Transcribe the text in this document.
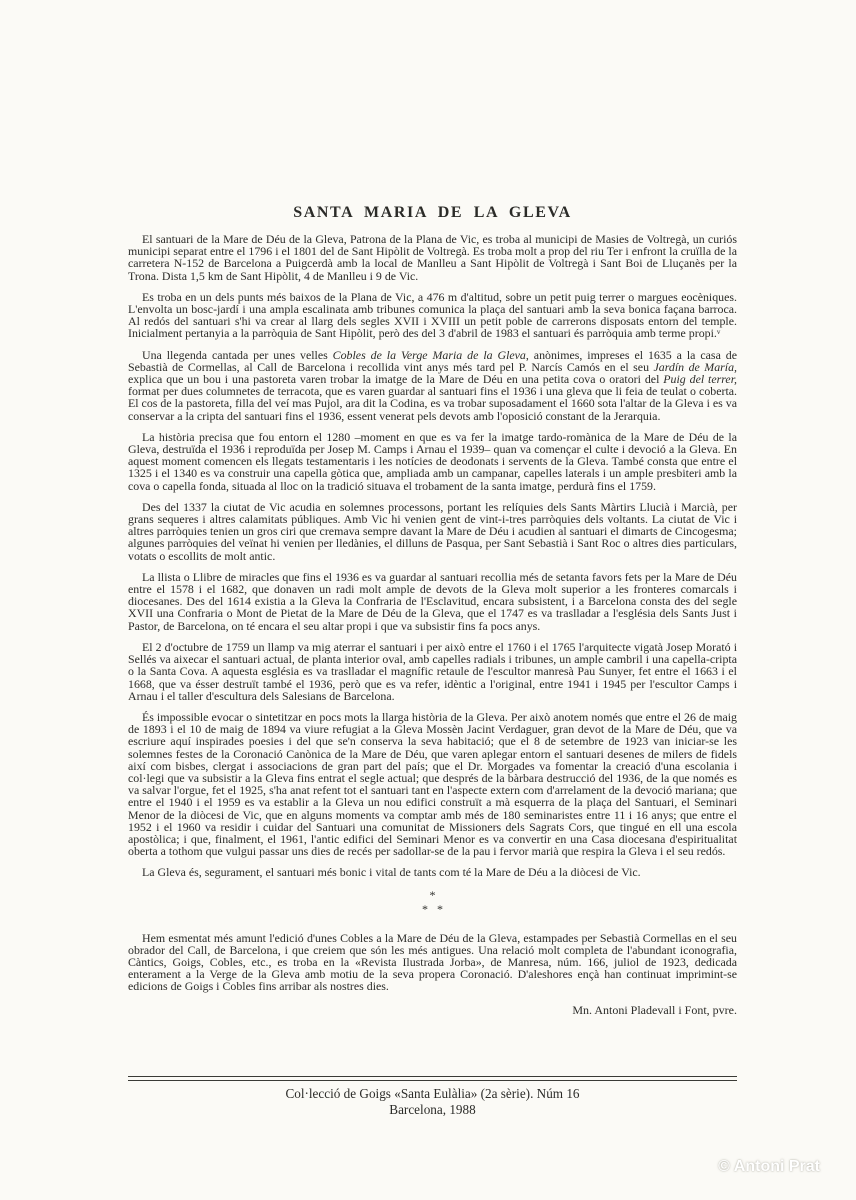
SANTA MARIA DE LA GLEVA

El santuari de la Mare de Déu de la Gleva, Patrona de la Plana de Vic, es troba al municipi de Masies de Voltregà, un curiós municipi separat entre el 1796 i el 1801 del de Sant Hipòlit de Voltregà. Es troba molt a prop del riu Ter i enfront la cruïlla de la carretera N-152 de Barcelona a Puigcerdà amb la local de Manlleu a Sant Hipòlit de Voltregà i Sant Boi de Lluçanès per la Trona. Dista 1,5 km de Sant Hipòlit, 4 de Manlleu i 9 de Vic.

Es troba en un dels punts més baixos de la Plana de Vic, a 476 m d'altitud, sobre un petit puig terrer o margues eocèniques. L'envolta un bosc-jardí i una ampla escalinata amb tribunes comunica la plaça del santuari amb la seva bonica façana barroca. Al redós del santuari s'hi va crear al llarg dels segles XVII i XVIII un petit poble de carrerons disposats entorn del temple. Inicialment pertanyia a la parròquia de Sant Hipòlit, però des del 3 d'abril de 1983 el santuari és parròquia amb terme propi.ᵛ

Una llegenda cantada per unes velles Cobles de la Verge Maria de la Gleva, anònimes, impreses el 1635 a la casa de Sebastià de Cormellas, al Call de Barcelona i recollida vint anys més tard pel P. Narcís Camós en el seu Jardín de María, explica que un bou i una pastoreta varen trobar la imatge de la Mare de Déu en una petita cova o oratori del Puig del terrer, format per dues columnetes de terracota, que es varen guardar al santuari fins el 1936 i una gleva que li feia de teulat o coberta. El cos de la pastoreta, filla del veí mas Pujol, ara dit la Codina, es va trobar suposadament el 1660 sota l'altar de la Gleva i es va conservar a la cripta del santuari fins el 1936, essent venerat pels devots amb l'oposició constant de la Jerarquia.

La història precisa que fou entorn el 1280 –moment en que es va fer la imatge tardo-romànica de la Mare de Déu de la Gleva, destruïda el 1936 i reproduïda per Josep M. Camps i Arnau el 1939– quan va començar el culte i devoció a la Gleva. En aquest moment comencen els llegats testamentaris i les notícies de deodonats i servents de la Gleva. També consta que entre el 1325 i el 1340 es va construir una capella gòtica que, ampliada amb un campanar, capelles laterals i un ample presbiteri amb la cova o capella fonda, situada al lloc on la tradició situava el trobament de la santa imatge, perdurà fins el 1759.

Des del 1337 la ciutat de Vic acudia en solemnes processons, portant les relíquies dels Sants Màrtirs Llucià i Marcià, per grans sequeres i altres calamitats públiques. Amb Vic hi venien gent de vint-i-tres parròquies dels voltants. La ciutat de Vic i altres parròquies tenien un gros ciri que cremava sempre davant la Mare de Déu i acudien al santuari el dimarts de Cincogesma; algunes parròquies del veïnat hi venien per lledànies, el dilluns de Pasqua, per Sant Sebastià i Sant Roc o altres dies particulars, votats o escollits de molt antic.

La llista o Llibre de miracles que fins el 1936 es va guardar al santuari recollia més de setanta favors fets per la Mare de Déu entre el 1578 i el 1682, que donaven un radi molt ample de devots de la Gleva molt superior a les fronteres comarcals i diocesanes. Des del 1614 existia a la Gleva la Confraria de l'Esclavitud, encara subsistent, i a Barcelona consta des del segle XVII una Confraria o Mont de Pietat de la Mare de Déu de la Gleva, que el 1747 es va traslladar a l'església dels Sants Just i Pastor, de Barcelona, on té encara el seu altar propi i que va subsistir fins fa pocs anys.

El 2 d'octubre de 1759 un llamp va mig aterrar el santuari i per això entre el 1760 i el 1765 l'arquitecte vigatà Josep Morató i Sellés va aixecar el santuari actual, de planta interior oval, amb capelles radials i tribunes, un ample cambril i una capella-cripta o la Santa Cova. A aquesta església es va traslladar el magnífic retaule de l'escultor manresà Pau Sunyer, fet entre el 1663 i el 1668, que va ésser destruït també el 1936, però que es va refer, idèntic a l'original, entre 1941 i 1945 per l'escultor Camps i Arnau i el taller d'escultura dels Salesians de Barcelona.

És impossible evocar o sintetitzar en pocs mots la llarga història de la Gleva. Per això anotem només que entre el 26 de maig de 1893 i el 10 de maig de 1894 va viure refugiat a la Gleva Mossèn Jacint Verdaguer, gran devot de la Mare de Déu, que va escriure aquí inspirades poesies i del que se'n conserva la seva habitació; que el 8 de setembre de 1923 van iniciar-se les solemnes festes de la Coronació Canònica de la Mare de Déu, que varen aplegar entorn el santuari desenes de milers de fidels així com bisbes, clergat i associacions de gran part del país; que el Dr. Morgades va fomentar la creació d'una escolania i col·legi que va subsistir a la Gleva fins entrat el segle actual; que després de la bàrbara destrucció del 1936, de la que només es va salvar l'orgue, fet el 1925, s'ha anat refent tot el santuari tant en l'aspecte extern com d'arrelament de la devoció mariana; que entre el 1940 i el 1959 es va establir a la Gleva un nou edifici construït a mà esquerra de la plaça del Santuari, el Seminari Menor de la diòcesi de Vic, que en alguns moments va comptar amb més de 180 seminaristes entre 11 i 16 anys; que entre el 1952 i el 1960 va residir i cuidar del Santuari una comunitat de Missioners dels Sagrats Cors, que tingué en ell una escola apostòlica; i que, finalment, el 1961, l'antic edifici del Seminari Menor es va convertir en una Casa diocesana d'espiritualitat oberta a tothom que vulgui passar uns dies de recés per sadollar-se de la pau i fervor marià que respira la Gleva i el seu redós.

La Gleva és, segurament, el santuari més bonic i vital de tants com té la Mare de Déu a la diòcesi de Vic.

*
*   *

Hem esmentat més amunt l'edició d'unes Cobles a la Mare de Déu de la Gleva, estampades per Sebastià Cormellas en el seu obrador del Call, de Barcelona, i que creiem que són les més antigues. Una relació molt completa de l'abundant iconografia, Càntics, Goigs, Cobles, etc., es troba en la «Revista Ilustrada Jorba», de Manresa, núm. 166, juliol de 1923, dedicada enterament a la Verge de la Gleva amb motiu de la seva propera Coronació. D'aleshores ençà han continuat imprimint-se edicions de Goigs i Cobles fins arribar als nostres dies.

Mn. Antoni Pladevall i Font, pvre.

Col·lecció de Goigs «Santa Eulàlia» (2a sèrie). Núm 16

Barcelona, 1988

© Antoni Prat
